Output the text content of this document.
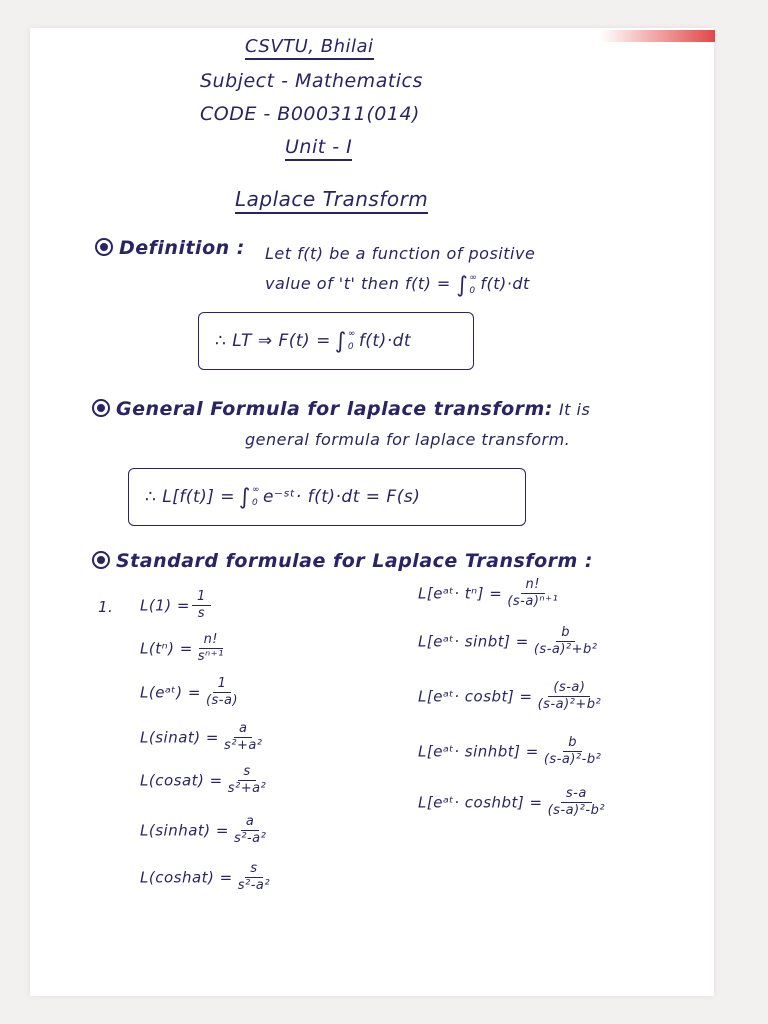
CSVTU, Bhilai
Subject - Mathematics
CODE - B000311(014)
Unit - I
Laplace Transform
Definition : Let f(t) be a function of positive
value of 't' then f(t) = ∫ ∞
0 f(t)·dt
∴ LT ⇒ F(t) = ∫ ∞
0 f(t)·dt
General Formula for laplace transform: It is
general formula for laplace transform.
∴ L[f(t)] = ∫ ∞
0 e⁻ˢᵗ· f(t)·dt = F(s)
Standard formulae for Laplace Transform :
1. $L(1) = \frac{1}{s}$
$L(t^n) = \frac{n!}{\text{sⁿ⁺¹}}$
L(eᵃᵗ) = $\frac{1}{(s-a)}$
L(sinat) = $\frac{a}{\text{s²+a²}}$
L(cosat) = $\frac{s}{\text{s²+a²}}$
L(sinhat) = $\frac{a}{\text{s²-a²}}$
L(coshat) = $\frac{s}{\text{s²-a²}}$
L[eᵃᵗ· $t^n] = \frac{n!}{\text{(s-a)ⁿ⁺¹}}$
L[eᵃᵗ· sinbt] = $\frac{b}{\text{(s-a)²+b²}}$
L[eᵃᵗ· cosbt] = $\frac{(s-a)}{\text{(s-a)²+b²}}$
L[eᵃᵗ· sinhbt] = $\frac{b}{\text{(s-a)²-b²}}$
L[eᵃᵗ· coshbt] = $\frac{s-a}{\text{(s-a)²-b²}}$
